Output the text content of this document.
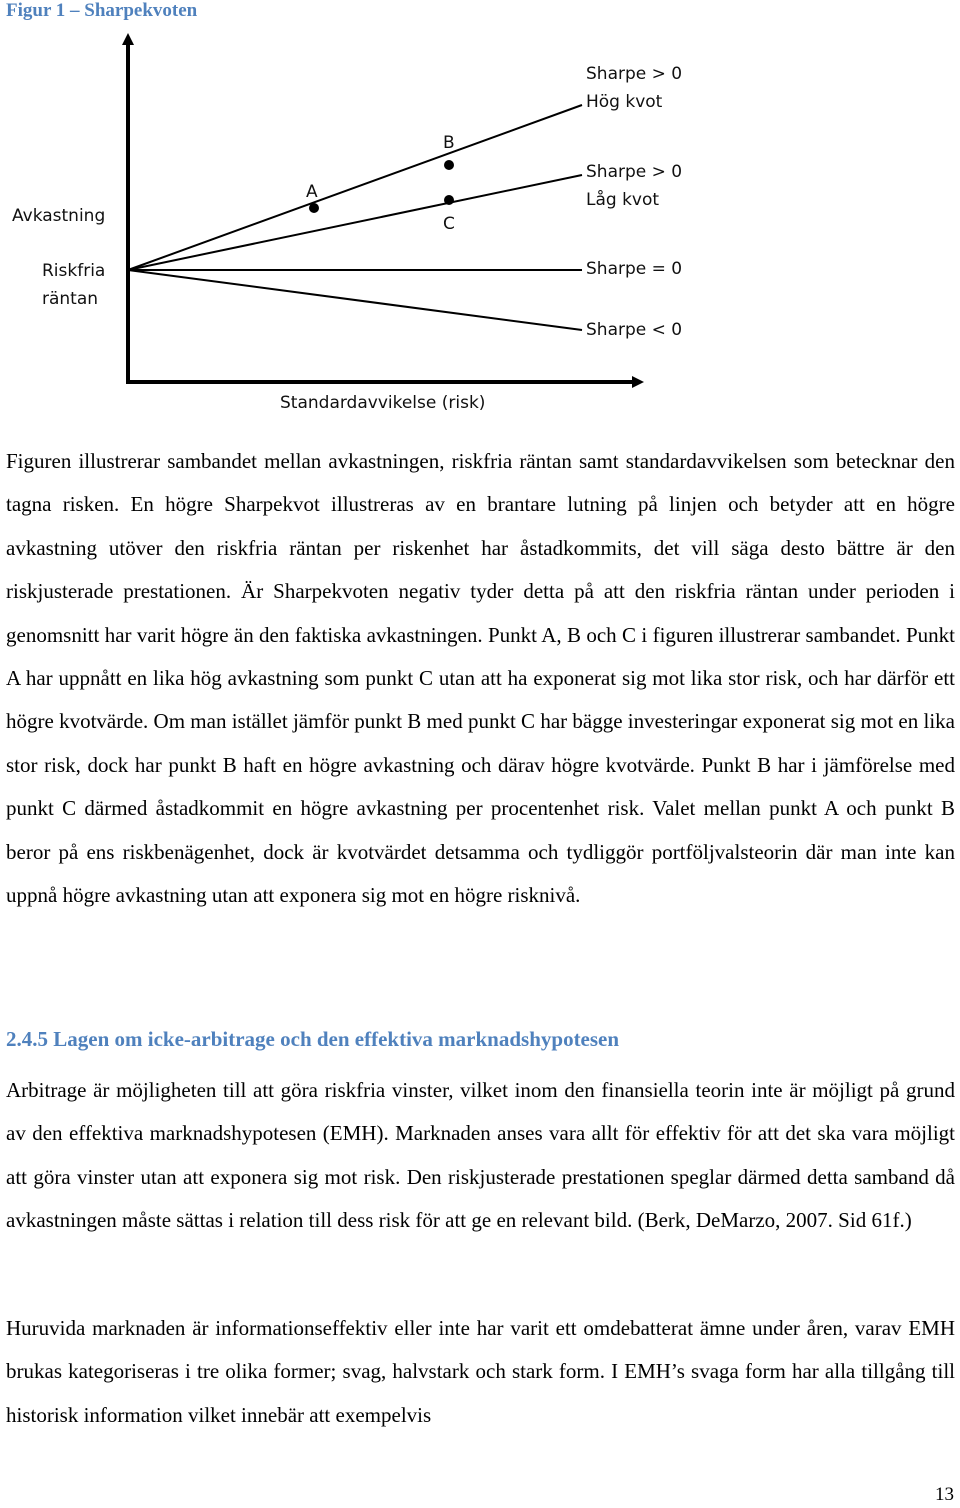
Figur 1 – Sharpekvoten
A
B
C
Avkastning
Riskfria
räntan
Standardavvikelse (risk)
Sharpe > 0
Hög kvot
Sharpe > 0
Låg kvot
Sharpe = 0
Sharpe < 0

Figuren illustrerar sambandet mellan avkastningen, riskfria räntan samt standardavvikelsen som betecknar den tagna risken. En högre Sharpekvot illustreras av en brantare lutning på linjen och betyder att en högre avkastning utöver den riskfria räntan per riskenhet har åstadkommits, det vill säga desto bättre är den riskjusterade prestationen. Är Sharpekvoten negativ tyder detta på att den riskfria räntan under perioden i genomsnitt har varit högre än den faktiska avkastningen. Punkt A, B och C i figuren illustrerar sambandet. Punkt A har uppnått en lika hög avkastning som punkt C utan att ha exponerat sig mot lika stor risk, och har därför ett högre kvotvärde. Om man istället jämför punkt B med punkt C har bägge investeringar exponerat sig mot en lika stor risk, dock har punkt B haft en högre avkastning och därav högre kvotvärde. Punkt B har i jämförelse med punkt C därmed åstadkommit en högre avkastning per procentenhet risk. Valet mellan punkt A och punkt B beror på ens riskbenägenhet, dock är kvotvärdet detsamma och tydliggör portföljvalsteorin där man inte kan uppnå högre avkastning utan att exponera sig mot en högre risknivå.

2.4.5 Lagen om icke-arbitrage och den effektiva marknadshypotesen

Arbitrage är möjligheten till att göra riskfria vinster, vilket inom den finansiella teorin inte är möjligt på grund av den effektiva marknadshypotesen (EMH). Marknaden anses vara allt för effektiv för att det ska vara möjligt att göra vinster utan att exponera sig mot risk. Den riskjusterade prestationen speglar därmed detta samband då avkastningen måste sättas i relation till dess risk för att ge en relevant bild. (Berk, DeMarzo, 2007. Sid 61f.)

Huruvida marknaden är informationseffektiv eller inte har varit ett omdebatterat ämne under åren, varav EMH brukas kategoriseras i tre olika former; svag, halvstark och stark form. I EMH’s svaga form har alla tillgång till historisk information vilket innebär att exempelvis

13
